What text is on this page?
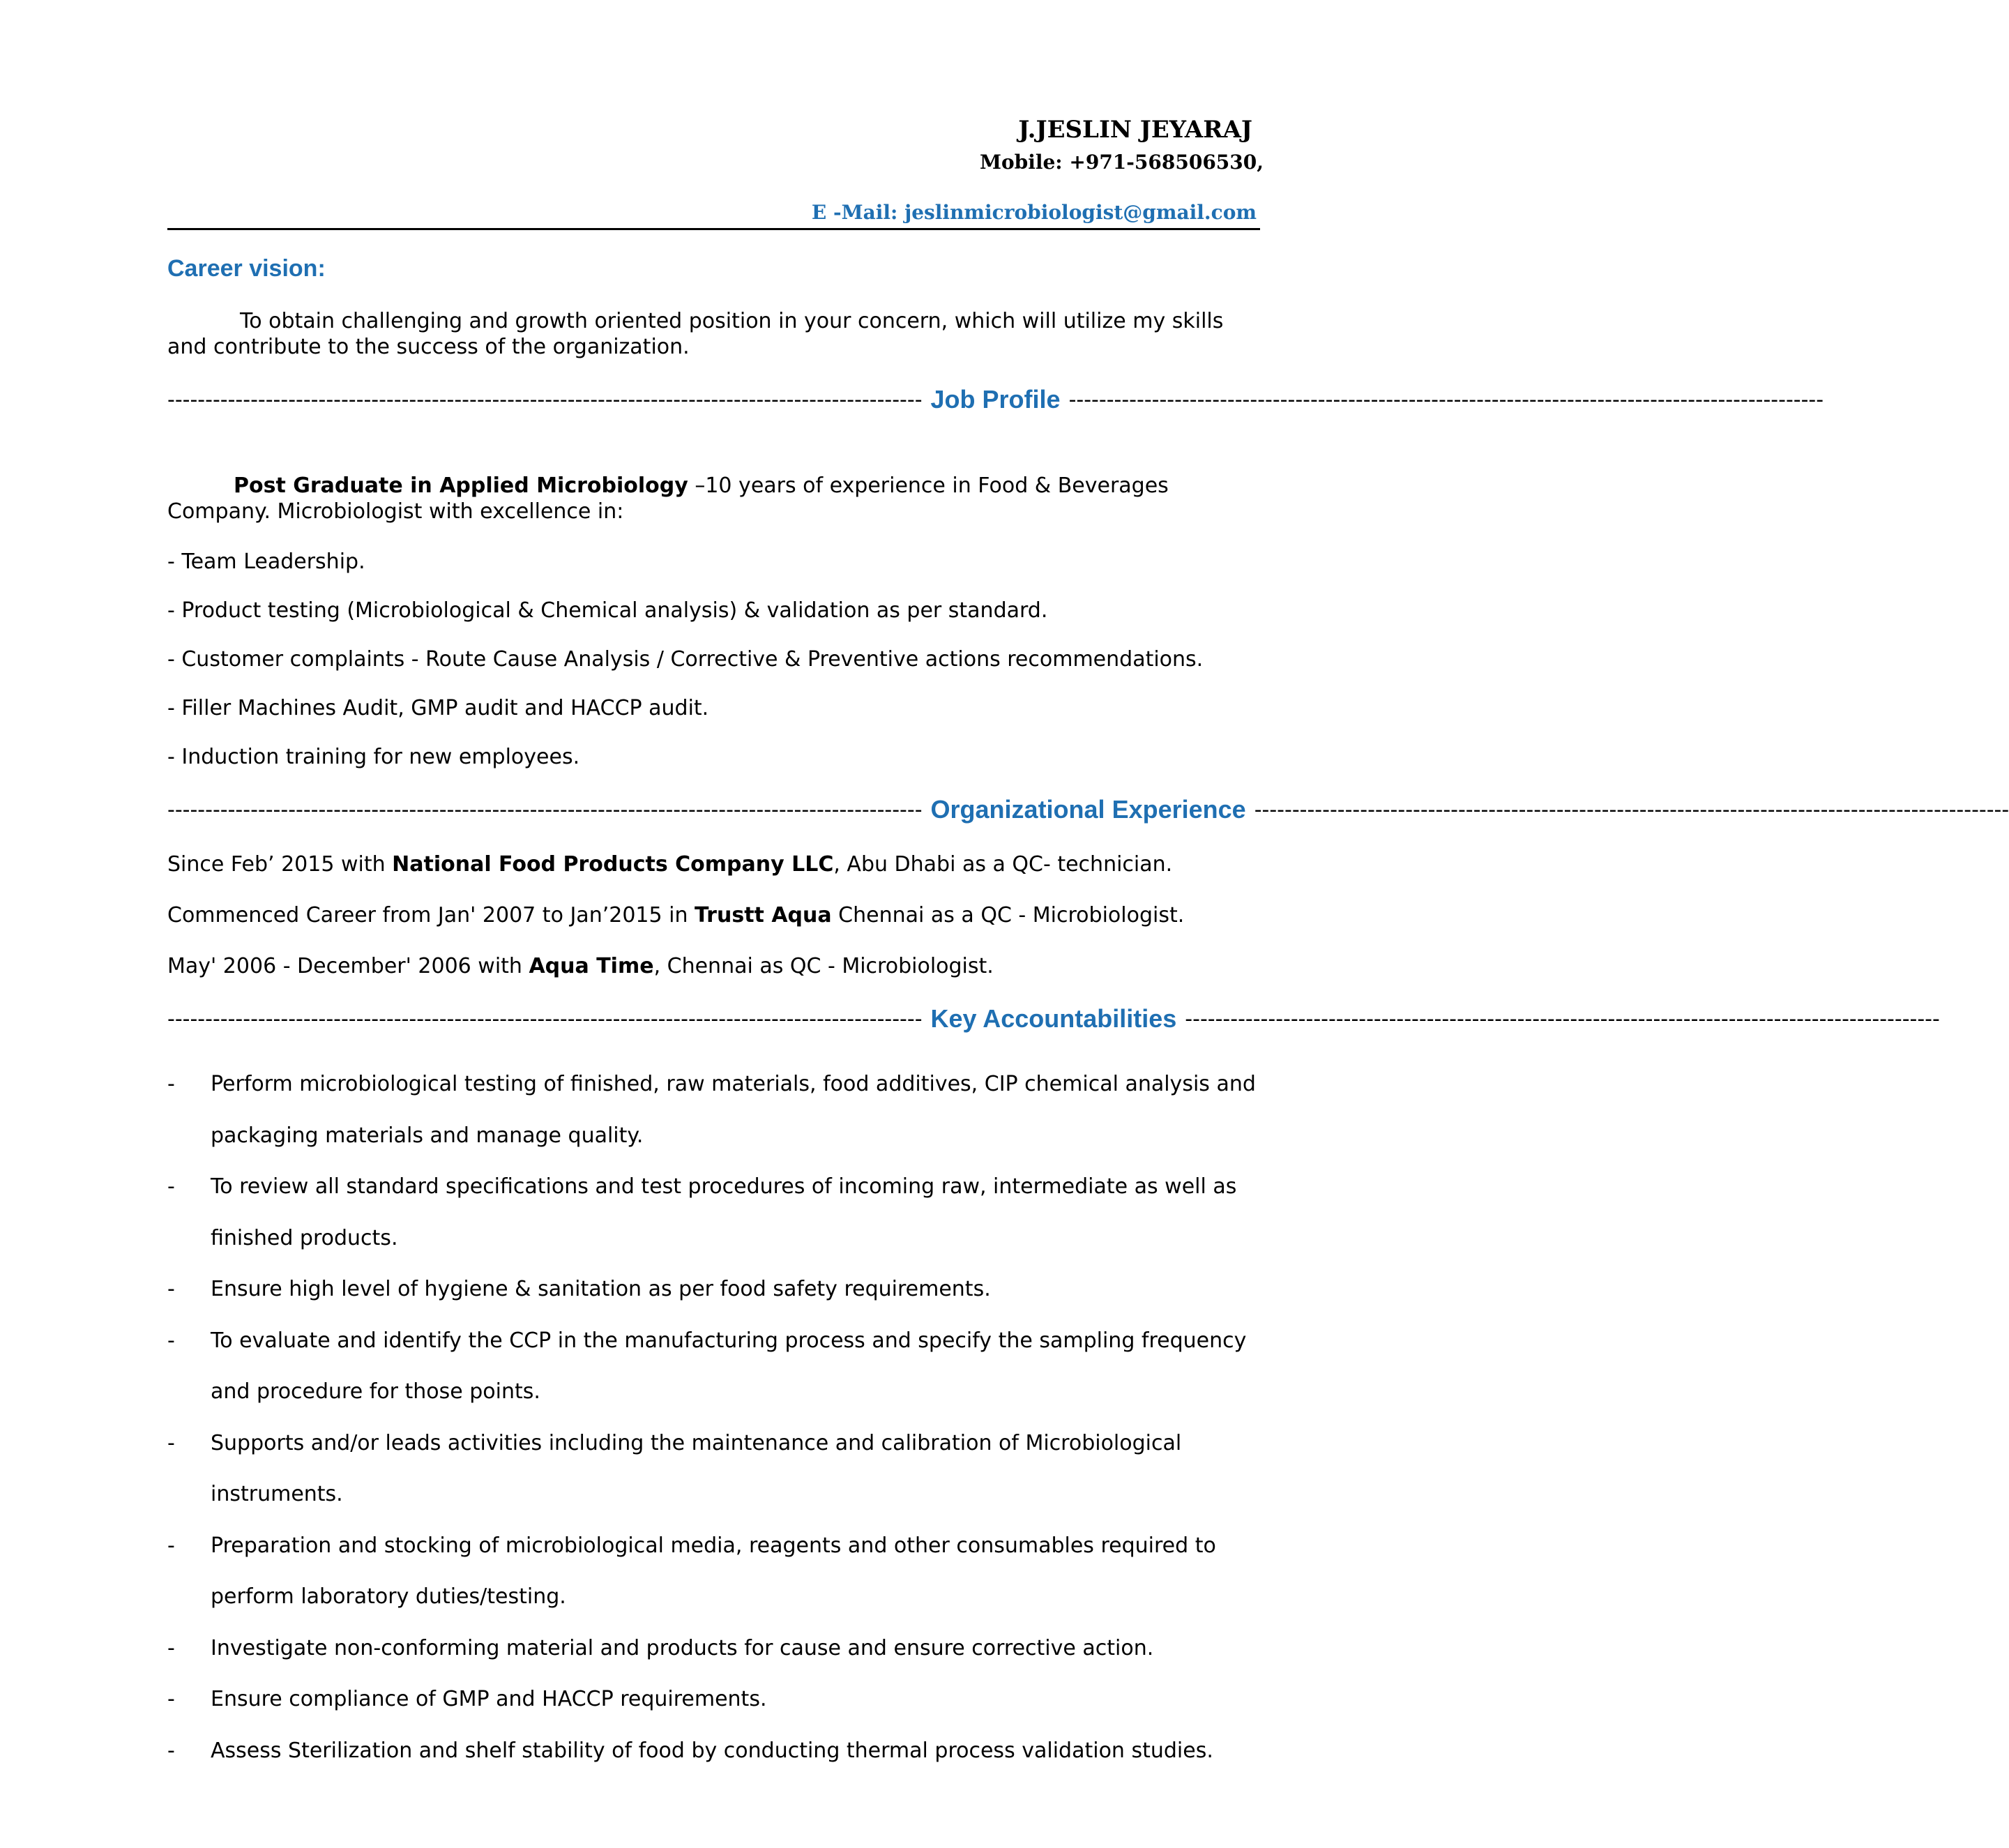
J.JESLIN JEYARAJ
Mobile: +971-568506530,
E -Mail: jeslinmicrobiologist@gmail.com
Career vision:
To obtain challenging and growth oriented position in your concern, which will utilize my skills and contribute to the success of the organization.
---------------------------------------------------------------------------------------------------- Job Profile ----------------------------------------------------------------------------------------------------
Post Graduate in Applied Microbiology –10 years of experience in Food & Beverages Company. Microbiologist with excellence in:
- Team Leadership.
- Product testing (Microbiological & Chemical analysis) & validation as per standard.
- Customer complaints - Route Cause Analysis / Corrective & Preventive actions recommendations.
- Filler Machines Audit, GMP audit and HACCP audit.
- Induction training for new employees.
---------------------------------------------------------------------------------------------------- Organizational Experience ----------------------------------------------------------------------------------------------------
Since Feb’ 2015 with National Food Products Company LLC, Abu Dhabi as a QC- technician.
Commenced Career from Jan' 2007 to Jan’2015 in Trustt Aqua Chennai as a QC - Microbiologist.
May' 2006 - December' 2006 with Aqua Time, Chennai as QC - Microbiologist.
---------------------------------------------------------------------------------------------------- Key Accountabilities ----------------------------------------------------------------------------------------------------
- Perform microbiological testing of finished, raw materials, food additives, CIP chemical analysis and packaging materials and manage quality.
- To review all standard specifications and test procedures of incoming raw, intermediate as well as finished products.
- Ensure high level of hygiene & sanitation as per food safety requirements.
- To evaluate and identify the CCP in the manufacturing process and specify the sampling frequency and procedure for those points.
- Supports and/or leads activities including the maintenance and calibration of Microbiological instruments.
- Preparation and stocking of microbiological media, reagents and other consumables required to perform laboratory duties/testing.
- Investigate non-conforming material and products for cause and ensure corrective action.
- Ensure compliance of GMP and HACCP requirements.
- Assess Sterilization and shelf stability of food by conducting thermal process validation studies.
